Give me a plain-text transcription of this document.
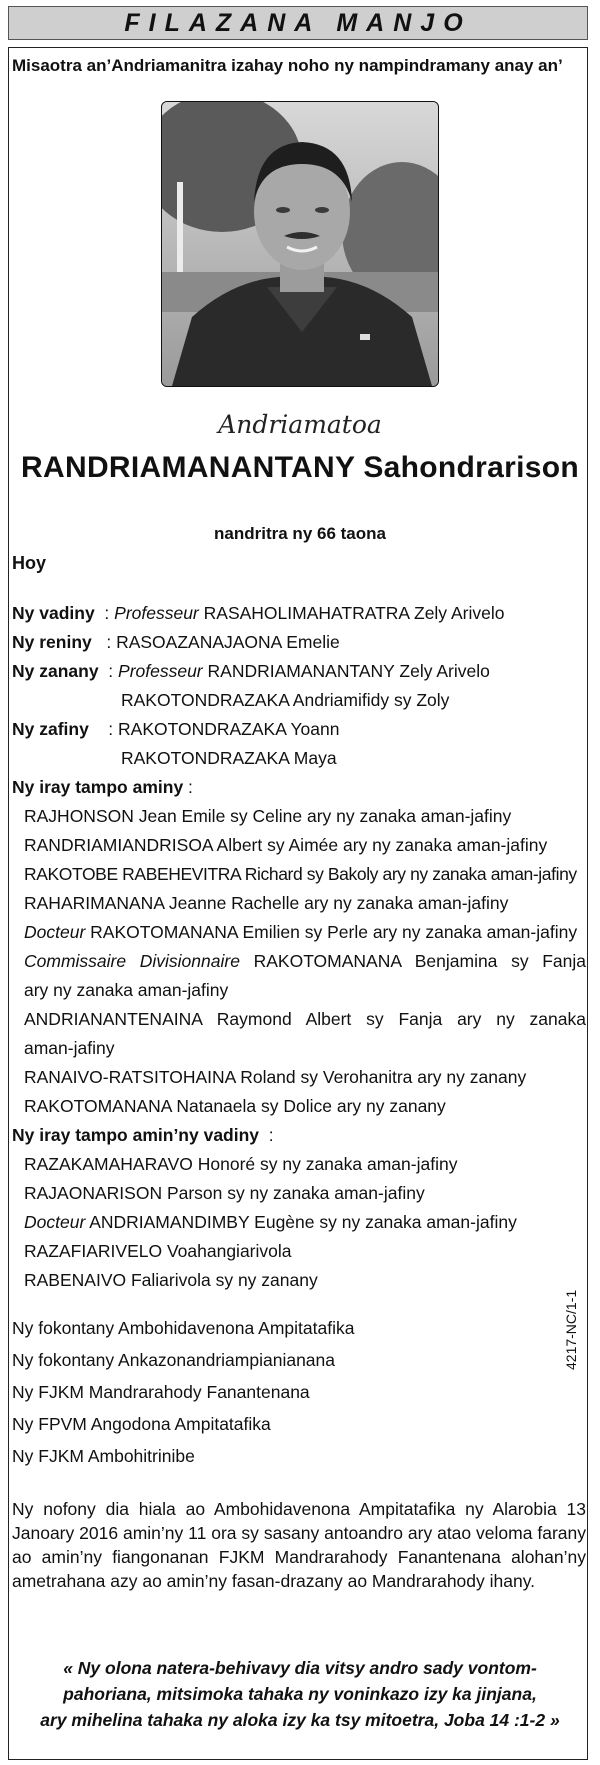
FILAZANA MANJO
Misaotra an’Andriamanitra izahay noho ny nampindramany anay an’
Andriamatoa
RANDRIAMANANTANY Sahondrarison
nandritra ny 66 taona
Hoy
Ny vadiny  : Professeur RASAHOLIMAHATRATRA Zely Arivelo
Ny reniny   : RASOAZANAJAONA Emelie
Ny zanany  : Professeur RANDRIAMANANTANY Zely Arivelo
RAKOTONDRAZAKA Andriamifidy sy Zoly
Ny zafiny    : RAKOTONDRAZAKA Yoann
RAKOTONDRAZAKA Maya
Ny iray tampo aminy :
RAJHONSON Jean Emile sy Celine ary ny zanaka aman-jafiny
RANDRIAMIANDRISOA Albert sy Aimée ary ny zanaka aman-jafiny
RAKOTOBE RABEHEVITRA Richard sy Bakoly ary ny zanaka aman-jafiny
RAHARIMANANA Jeanne Rachelle ary ny zanaka aman-jafiny
Docteur RAKOTOMANANA Emilien sy Perle ary ny zanaka aman-jafiny
Commissaire Divisionnaire RAKOTOMANANA Benjamina sy Fanja
ary ny zanaka aman-jafiny
ANDRIANANTENAINA Raymond Albert sy Fanja ary ny zanaka
aman-jafiny
RANAIVO-RATSITOHAINA Roland sy Verohanitra ary ny zanany
RAKOTOMANANA Natanaela sy Dolice ary ny zanany
Ny iray tampo amin’ny vadiny  :
RAZAKAMAHARAVO Honoré sy ny zanaka aman-jafiny
RAJAONARISON Parson sy ny zanaka aman-jafiny
Docteur ANDRIAMANDIMBY Eugène sy ny zanaka aman-jafiny
RAZAFIARIVELO Voahangiarivola
RABENAIVO Faliarivola sy ny zanany
Ny fokontany Ambohidavenona Ampitatafika
Ny fokontany Ankazonandriampianianana
Ny FJKM Mandrarahody Fanantenana
Ny FPVM Angodona Ampitatafika
Ny FJKM Ambohitrinibe
4217-NC/1-1
Ny nofony dia hiala ao Ambohidavenona Ampitatafika ny Alarobia 13 Janoary 2016 amin’ny 11 ora sy sasany antoandro ary atao veloma farany ao amin’ny fiangonanan FJKM Mandrarahody Fanantenana alohan’ny ametrahana azy ao amin’ny fasan-drazany ao Mandrarahody ihany.
« Ny olona natera-behivavy dia vitsy andro sady vontom-
pahoriana, mitsimoka tahaka ny voninkazo izy ka jinjana,
ary mihelina tahaka ny aloka izy ka tsy mitoetra, Joba 14 :1-2 »
